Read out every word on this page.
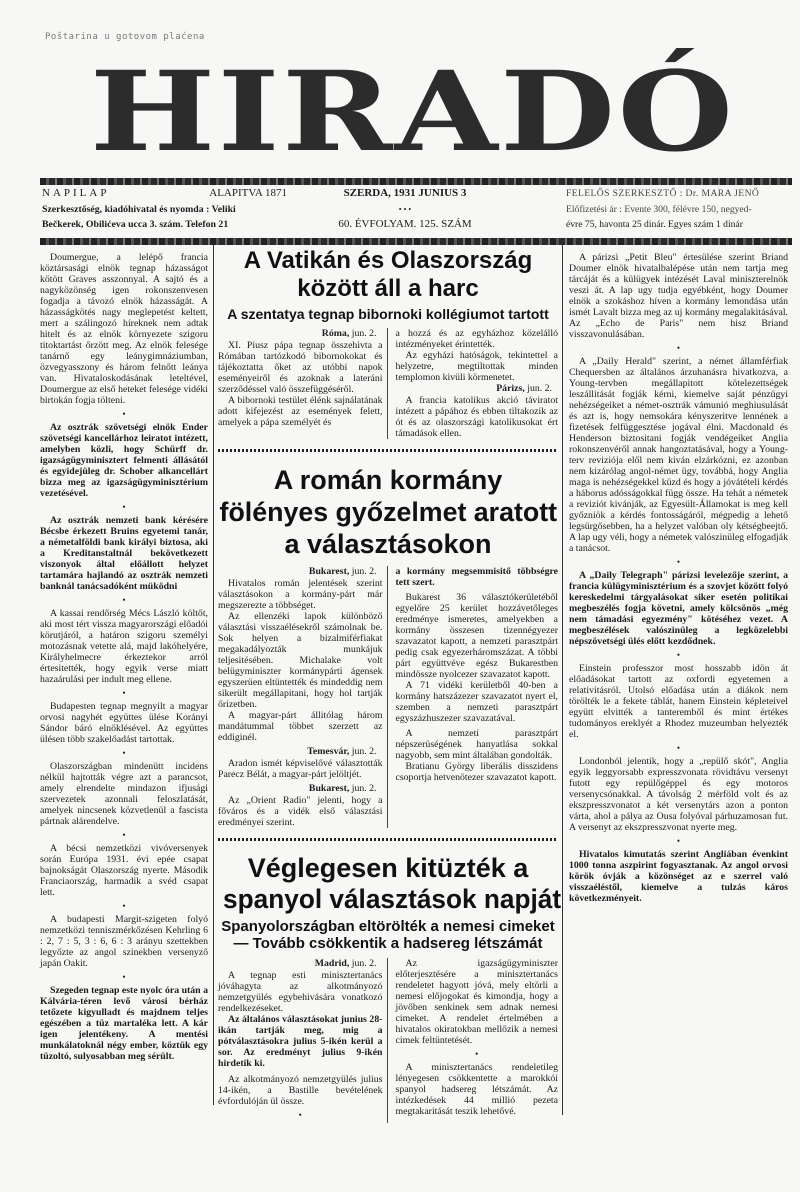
Poštarina u gotovom plaćena
HIRADÓ
NAPILAP	ALAPITVA 1871
Szerkesztőség, kiadóhivatal és nyomda : Veliki
Bečkerek, Obilićeva ucca 3. szám. Telefon 21
SZERDA, 1931 JUNIUS 3
• • •
60. ÉVFOLYAM. 125. SZÁM
FELELŐS SZERKESZTŐ : Dr. MARA JENŐ
Előfizetési ár : Evente 300, félévre 150, negyed-
évre 75, havonta 25 dinár. Egyes szám 1 dinár

Doumergue, a lelépő francia köztársasági elnök tegnap házasságot kötött Graves asszonnyal. A sajtó és a nagyközönség igen rokonszenvesen fogadja a távozó elnök házasságát. A házasságkötés nagy meglepetést keltett, mert a szálingozó híreknek nem adtak hitelt és az elnök környezete szigoru titoktartást őrzött meg. Az elnök felesége tanárnő egy leánygimnáziumban, özvegyasszony és három felnőtt leánya van. Hivataloskodásának leteltével, Doumergue az első heteket felesége vidéki birtokán fogja tölteni.

•

Az osztrák szövetségi elnök Ender szövetségi kancellárhoz leiratot intézett, amelyben közli, hogy Schürff dr. igazságügyminisztert felmenti állásától és egyidejüleg dr. Schober alkancellárt bizza meg az igazságügyminisztérium vezetésével.

•

Az osztrák nemzeti bank kérésére Bécsbe érkezett Bruins egyetemi tanár, a németalföldi bank királyi biztosa, aki a Kreditanstaltnál bekövetkezett viszonyok által előállott helyzet tartamára hajlandó az osztrák nemzeti banknál tanácsadóként müködni

•

A kassai rendőrség Mécs László költőt, aki most tért vissza magyarországi előadói körutjáról, a határon szigoru személyi motozásnak vetette alá, majd lakóhelyére, Királyhelmecre érkeztekor arról értesitették, hogy egyik verse miatt hazaárulási per indult meg ellene.

•

Budapesten tegnap megnyilt a magyar orvosi nagyhét együttes ülése Korányi Sándor báró elnöklésével. Az együttes ülésen több szakelőadást tartottak.

•

Olaszországban mindenütt incidens nélkül hajtották végre azt a parancsot, amely elrendelte mindazon ifjusági szervezetek azonnali feloszlatását, amelyek nincsenek közvetlenül a fascista pártnak alárendelve.

•

A bécsi nemzetközi vivóversenyek során Európa 1931. évi epée csapat bajnokságát Olaszország nyerte. Második Franciaország, harmadik a svéd csapat lett.

•

A budapesti Margit-szigeten folyó nemzetközi tenniszmérkőzésen Kehrling 6 : 2, 7 : 5, 3 : 6, 6 : 3 arányu szettekben legyőzte az angol szinekben versenyző japán Oakit.

•

Szegeden tegnap este nyolc óra után a Kálvária-téren levő városi bérház tetőzete kigyulladt és majdnem teljes egészében a tüz martaléka lett. A kár igen jelentékeny. A mentési munkálatoknál négy ember, köztük egy tüzoltó, sulyosabban meg sérült.

A Vatikán és Olaszország
között áll a harc
A szentatya tegnap bibornoki kollégiumot tartott
Róma, jun. 2.

XI. Piusz pápa tegnap összehivta a Rómában tartózkodó bibornokokat és tájékoztatta őket az utóbbi napok eseményeiről és azoknak a lateráni szerződéssel való összefüggéséről.

A bibornoki testület élénk sajnálatának adott kifejezést az események felett, amelyek a pápa személyét és

a hozzá és az egyházhoz közelálló intézményeket érintették.

Az egyházi hatóságok, tekintettel a helyzetre, megtiltottak minden templomon kivüli körmenetet.

Párizs, jun. 2.

A francia katolikus akció táviratot intézett a pápához és ebben tiltakozik az ót és az olaszországi katolikusokat ért támadások ellen.

A román kormány
fölényes győzelmet aratott
a választásokon
Bukarest, jun. 2.

Hivatalos román jelentések szerint választásokon a kormány-párt már megszerezte a többséget.

Az ellenzéki lapok különböző választási visszaélésekről számolnak be. Sok helyen a bizalmiférfiakat megakadályozták munkájuk teljesitésében. Michalake volt belügyminiszter kormánypárti ágensek egyszerüen eltüntették és mindeddig nem sikerült megállapitani, hogy hol tartják őrizetben.

A magyar-párt állitólag három mandátummal többet szerzett az eddiginél.

Temesvár, jun. 2.

Aradon ismét képviselővé választották Parecz Bélát, a magyar-párt jelöltjét.

Bukarest, jun. 2.

Az „Orient Radio" jelenti, hogy a főváros és a vidék első választási eredményei szerint.

a kormány megsemmisitő többségre tett szert.

Bukarest 36 választókerületéből egyelőre 25 kerület hozzávetőleges eredménye ismeretes, amelyekben a kormány összesen tizennégyezer szavazatot kapott, a nemzeti parasztpárt pedig csak egyezerháromszázat. A többi párt együttvéve egész Bukarestben mindössze nyolcezer szavazatot kapott.

A 71 vidéki kerületből 40-ben a kormány hatszázezer szavazatot nyert el, szemben a nemzeti parasztpárt egyszázhuszezer szavazatával.

A nemzeti parasztpárt népszerüségének hanyatlása sokkal nagyobb, sem mint általában gondolták.

Bratianu György liberális disszidens csoportja hetvenötezer szavazatot kapott.

Véglegesen kitüzték a
spanyol választások napját
Spanyolországban eltörölték a nemesi cimeket — Tovább csökkentik a hadsereg létszámát
Madrid, jun. 2.

A tegnap esti minisztertanács jóváhagyta az alkotmányozó nemzetgyülés egybehivására vonatkozó rendelkezéseket.

Az általános választásokat junius 28-ikán tartják meg, mig a pótválasztásokra julius 5-ikén kerül a sor. Az eredményt julius 9-ikén hirdetik ki.

Az alkotmányozó nemzetgyülés julius 14-ikén, a Bastille bevételének évfordulóján ül össze.

•

Az igazságügyminiszter előterjesztésére a minisztertanács rendeletet hagyott jóvá, mely eltörli a nemesi előjogokat és kimondja, hogy a jövőben senkinek sem adnak nemesi cimeket. A rendelet értelmében a hivatalos okiratokban mellőzik a nemesi cimek feltüntetését.

•

A minisztertanács rendeletileg lényegesen csökkentette a marokkói spanyol hadsereg létszámát. Az intézkedések 44 millió pezeta megtakaritását teszik lehetővé.

A párizsi „Petit Bleu" értesülése szerint Briand Doumer elnök hivatalbalépése után nem tartja meg tárcáját és a külügyek intézését Laval miniszterelnök veszi át. A lap ugy tudja egyébként, hogy Doumer elnök a szokáshoz híven a kormány lemondása után ismét Lavalt bizza meg az uj kormány megalakitásával. Az „Echo de Paris" nem hisz Briand visszavonulásában.

•

A „Daily Herald" szerint, a német államférfiak Chequersben az általános árzuhanásra hivatkozva, a Young-tervben megállapitott kötelezettségek leszállitását fogják kérni, kiemelve saját pénzügyi nehézségeiket a német-osztrák vámunió meghiusulását és azt is, hogy nemsokára kényszeritve lennének a fizetések felfüggesztése jogával élni. Macdonald és Henderson biztositani fogják vendégeiket Anglia rokonszenvéről annak hangoztatásával, hogy a Young-terv reviziója elől nem kiván elzárkózni, ez azonban nem kizárólag angol-német ügy, továbbá, hogy Anglia maga is nehézségekkel küzd és hogy a jóvátételi kérdés a háborus adósságokkal függ össze. Ha tehát a németek a reviziót kivánják, az Egyesült-Államokat is meg kell győzniök a kérdés fontosságáról, mégpedig a lehető legsürgősebben, ha a helyzet valóban oly kétségbeejtő. A lap ugy véli, hogy a németek valószinüleg elfogadják a tanácsot.

•

A „Daily Telegraph" párizsi levelezője szerint, a francia külügyminisztérium és a szovjet között folyó kereskedelmi tárgyalásokat siker esetén politikai megbeszélés fogja követni, amely kölcsönös „még nem támadási egyezmény" kötéséhez vezet. A megbeszélések valószinüleg a legközelebbi népszövetségi ülés előtt kezdődnek.

•

Einstein professzor most hosszabb idön át előadásokat tartott az oxfordi egyetemen a relativitásról. Utolsó előadása után a diákok nem törölték le a fekete táblát, hanem Einstein képleteivel együtt elvitték a tanteremből és mint értékes tudományos ereklyét a Rhodez muzeumban helyezték el.

•

Londonból jelentik, hogy a „repülő skót", Anglia egyik leggyorsabb expresszvonata rövidtávu versenyt futott egy repülőgéppel és egy motoros versenycsónakkal. A távolság 2 mérföld volt és az ekszpresszvonatot a két versenytárs azon a ponton várta, ahol a pálya az Ousa folyóval párhuzamosan fut. A versenyt az ekszpresszvonat nyerte meg.

•

Hivatalos kimutatás szerint Angliában évenkint 1000 tonna aszpirint fogyasztanak. Az angol orvosi körök óvják a közönséget az e szerrel való visszaéléstől, kiemelve a tulzás káros következményeit.
